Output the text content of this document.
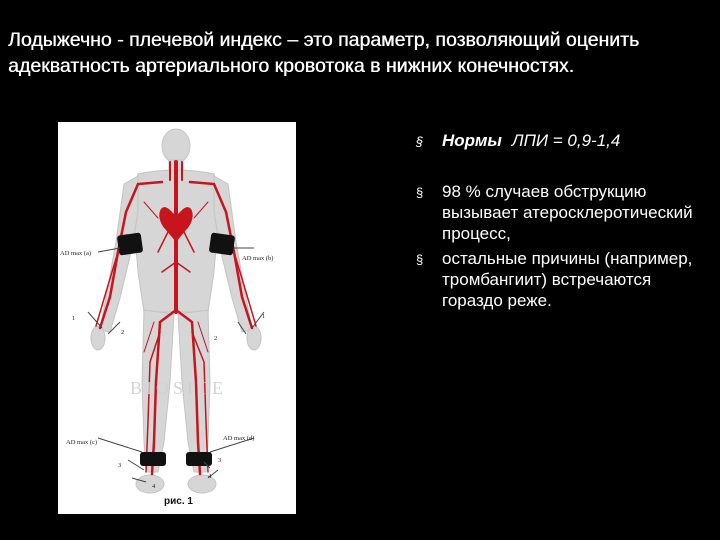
Лодыжечно - плечевой индекс – это параметр, позволяющий оценить адекватность артериального кровотока в нижних конечностях.
АD max (a)
АD max (b)
АD max (c)
АD max (d)
1
2
1
2
3
4
3
4
BIOSITE
рис. 1
§ Нормы ЛПИ = 0,9-1,4
§ 98 % случаев обструкцию вызывает атеросклеротический процесс,
§ остальные причины (например, тромбангиит) встречаются гораздо реже.
